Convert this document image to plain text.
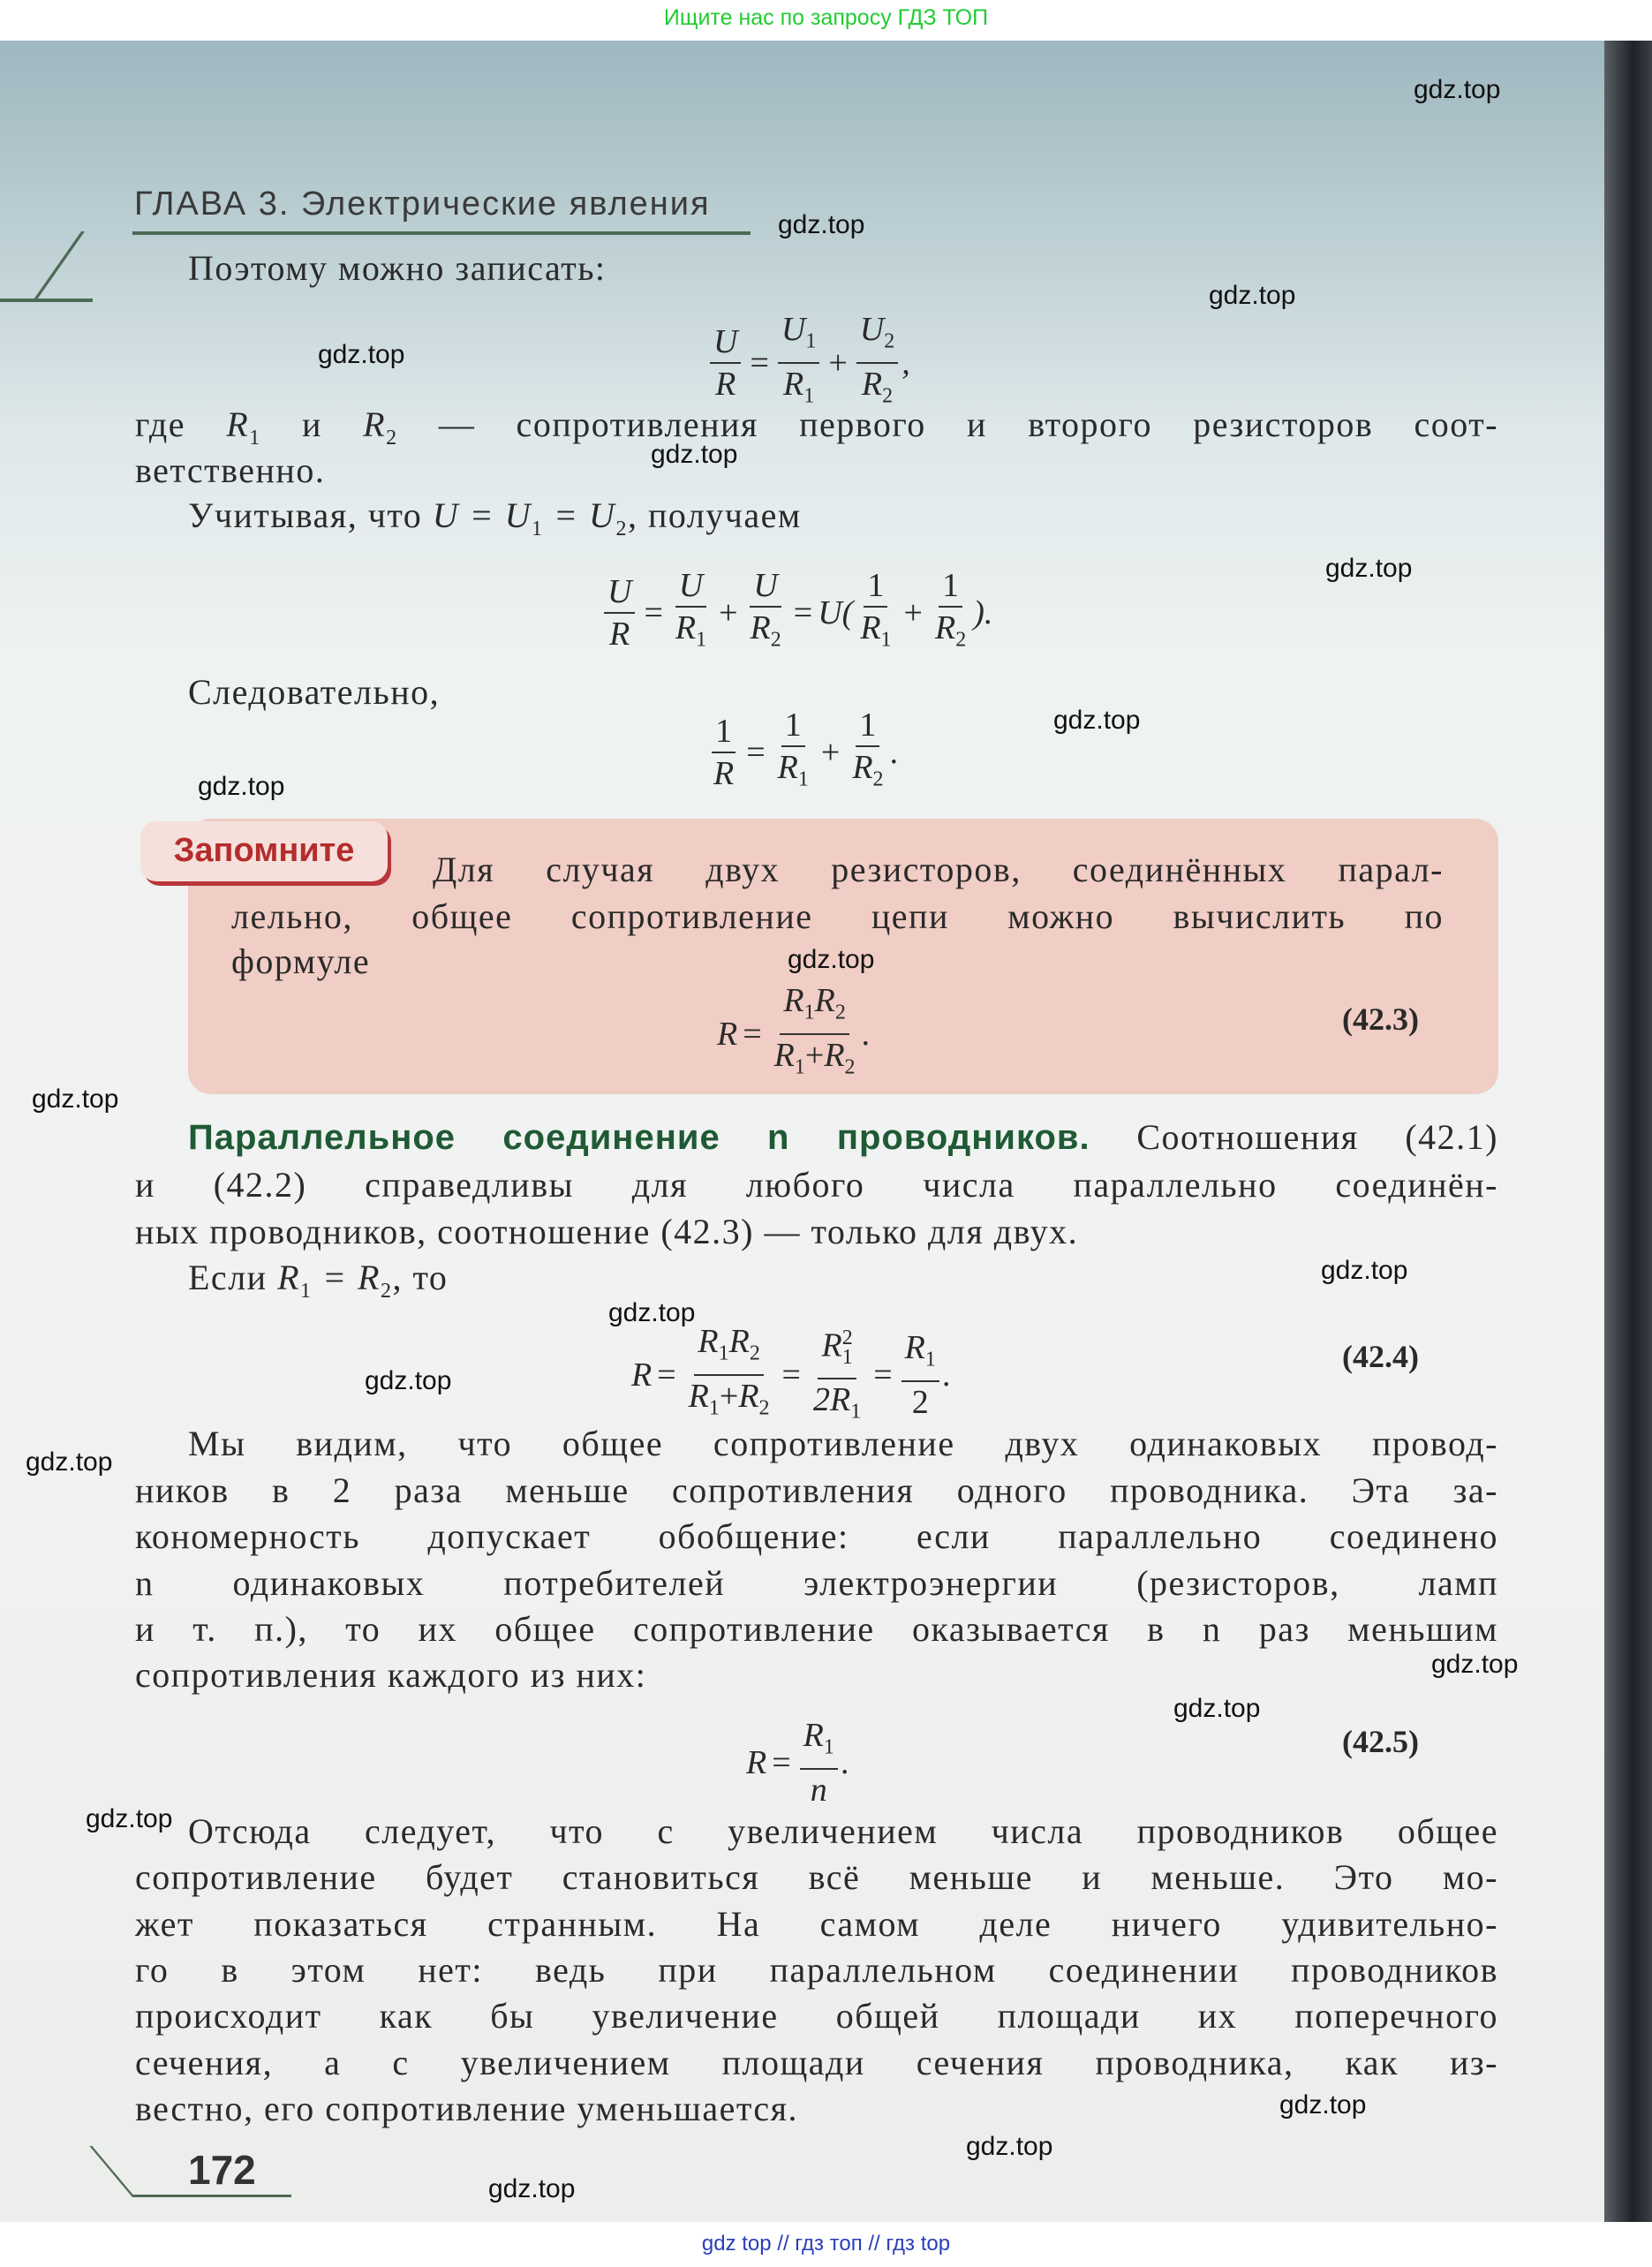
Ищите нас по запросу ГДЗ ТОП
ГЛАВА 3. Электрические явления
Поэтому можно записать:
$\frac{U}{R} = \frac{U_1}{R_1} + \frac{U_2}{R_2}$ ,
где $R_1$ и $R_2$ — сопротивления первого и второго резисторов соот-
ветственно.
Учитывая, что $U = U_1 = U_2$, получаем
$\frac{U}{R} = \frac{U}{R_1} + \frac{U}{R_2} = U( \frac{1}{R_1} + \frac{1}{R_2}$ ).
Следовательно,
$\frac{1}{R} = \frac{1}{R_1} + \frac{1}{R_2}$ .
Запомните	Для случая двух резисторов, соединённых парал-
лельно, общее сопротивление цепи можно вычислить по
формуле
$R = \frac{R_1R_2}{R_1+R_2}$ .	(42.3)
Параллельное соединение n проводников. Соотношения (42.1)
и (42.2) справедливы для любого числа параллельно соединён-
ных проводников, соотношение (42.3) — только для двух.
Если $R_1 = R_2$, то
$R = \frac{R_1R_2}{R_1+R_2} = \frac{R^2_1}{2R_1} = \frac{R_1}{2}$ .	(42.4)
Мы видим, что общее сопротивление двух одинаковых провод-
ников в 2 раза меньше сопротивления одного проводника. Эта за-
кономерность допускает обобщение: если параллельно соединено
n одинаковых потребителей электроэнергии (резисторов, ламп
и т. п.), то их общее сопротивление оказывается в n раз меньшим
сопротивления каждого из них:
$R = \frac{R_1}{n}$ .
(42.5)
Отсюда следует, что с увеличением числа проводников общее
сопротивление будет становиться всё меньше и меньше. Это мо-
жет показаться странным. На самом деле ничего удивительно-
го в этом нет: ведь при параллельном соединении проводников
происходит как бы увеличение общей площади их поперечного
сечения, а с увеличением площади сечения проводника, как из-
вестно, его сопротивление уменьшается.
172
gdz.top
gdz.top
gdz.top
gdz.top
gdz.top
gdz.top
gdz.top
gdz.top
gdz.top
gdz.top
gdz.top
gdz.top
gdz.top
gdz.top
gdz.top
gdz.top
gdz.top
gdz.top
gdz.top
gdz.top
gdz top // гдз топ // гдз top
